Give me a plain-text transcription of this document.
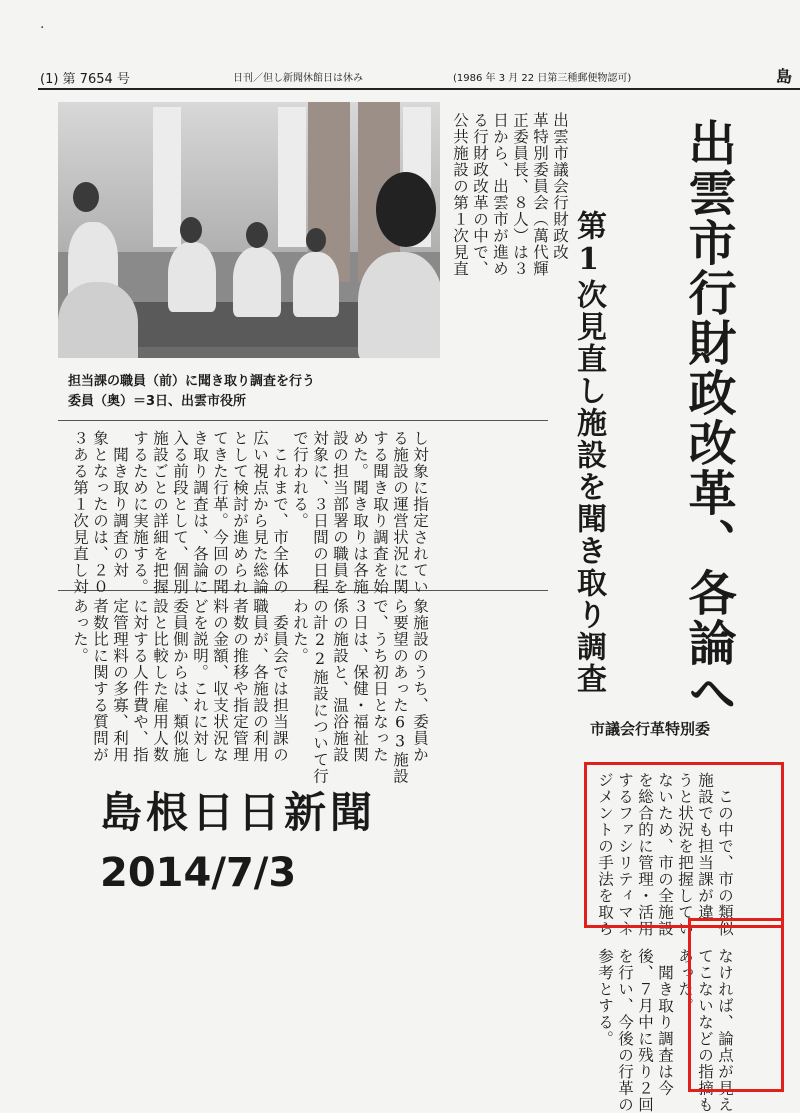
(1) 第 7654 号	日刊／但し新聞休館日は休み	(1986 年 3 月 22 日第三種郵便物認可)	島
·
出雲市行財政改革、各論へ
第1次見直し施設を聞き取り調査
市議会行革特別委
担当課の職員（前）に聞き取り調査を行う
委員（奥）＝3日、出雲市役所
出雲市議会行財政改
革特別委員会（萬代輝
正委員長、８人）は３
日から、出雲市が進め
る行財政改革の中で、
公共施設の第１次見直
し対象に指定されてい
る施設の運営状況に関
する聞き取り調査を始
めた。聞き取りは各施
設の担当部署の職員を
対象に、３日間の日程
で行われる。
　これまで、市全体の
広い視点から見た総論
として検討が進められ
てきた行革。今回の聞
き取り調査は、各論に
入る前段として、個別
施設ごとの詳細を把握
するために実施する。
　聞き取り調査の対
象となったのは、２０
３ある第１次見直し対
象施設のうち、委員か
ら要望のあった63施設
で、うち初日となった
３日は、保健・福祉関
係の施設と、温浴施設
の計22施設について行
われた。
　委員会では担当課の
職員が、各施設の利用
者数の推移や指定管理
料の金額、収支状況な
どを説明。これに対し
委員側からは、類似施
設と比較した雇用人数
に対する人件費や、指
定管理料の多寡、利用
者数比に関する質問が
あった。
　この中で、市の類似
施設でも担当課が違
うと状況を把握してい
ないため、市の全施設
を総合的に管理・活用
するファシリティマネ
ジメントの手法を取ら
なければ、論点が見え
てこないなどの指摘も
あった。
　聞き取り調査は今
後、７月中に残り２回
を行い、今後の行革の
参考とする。
島根日日新聞
2014/7/3
